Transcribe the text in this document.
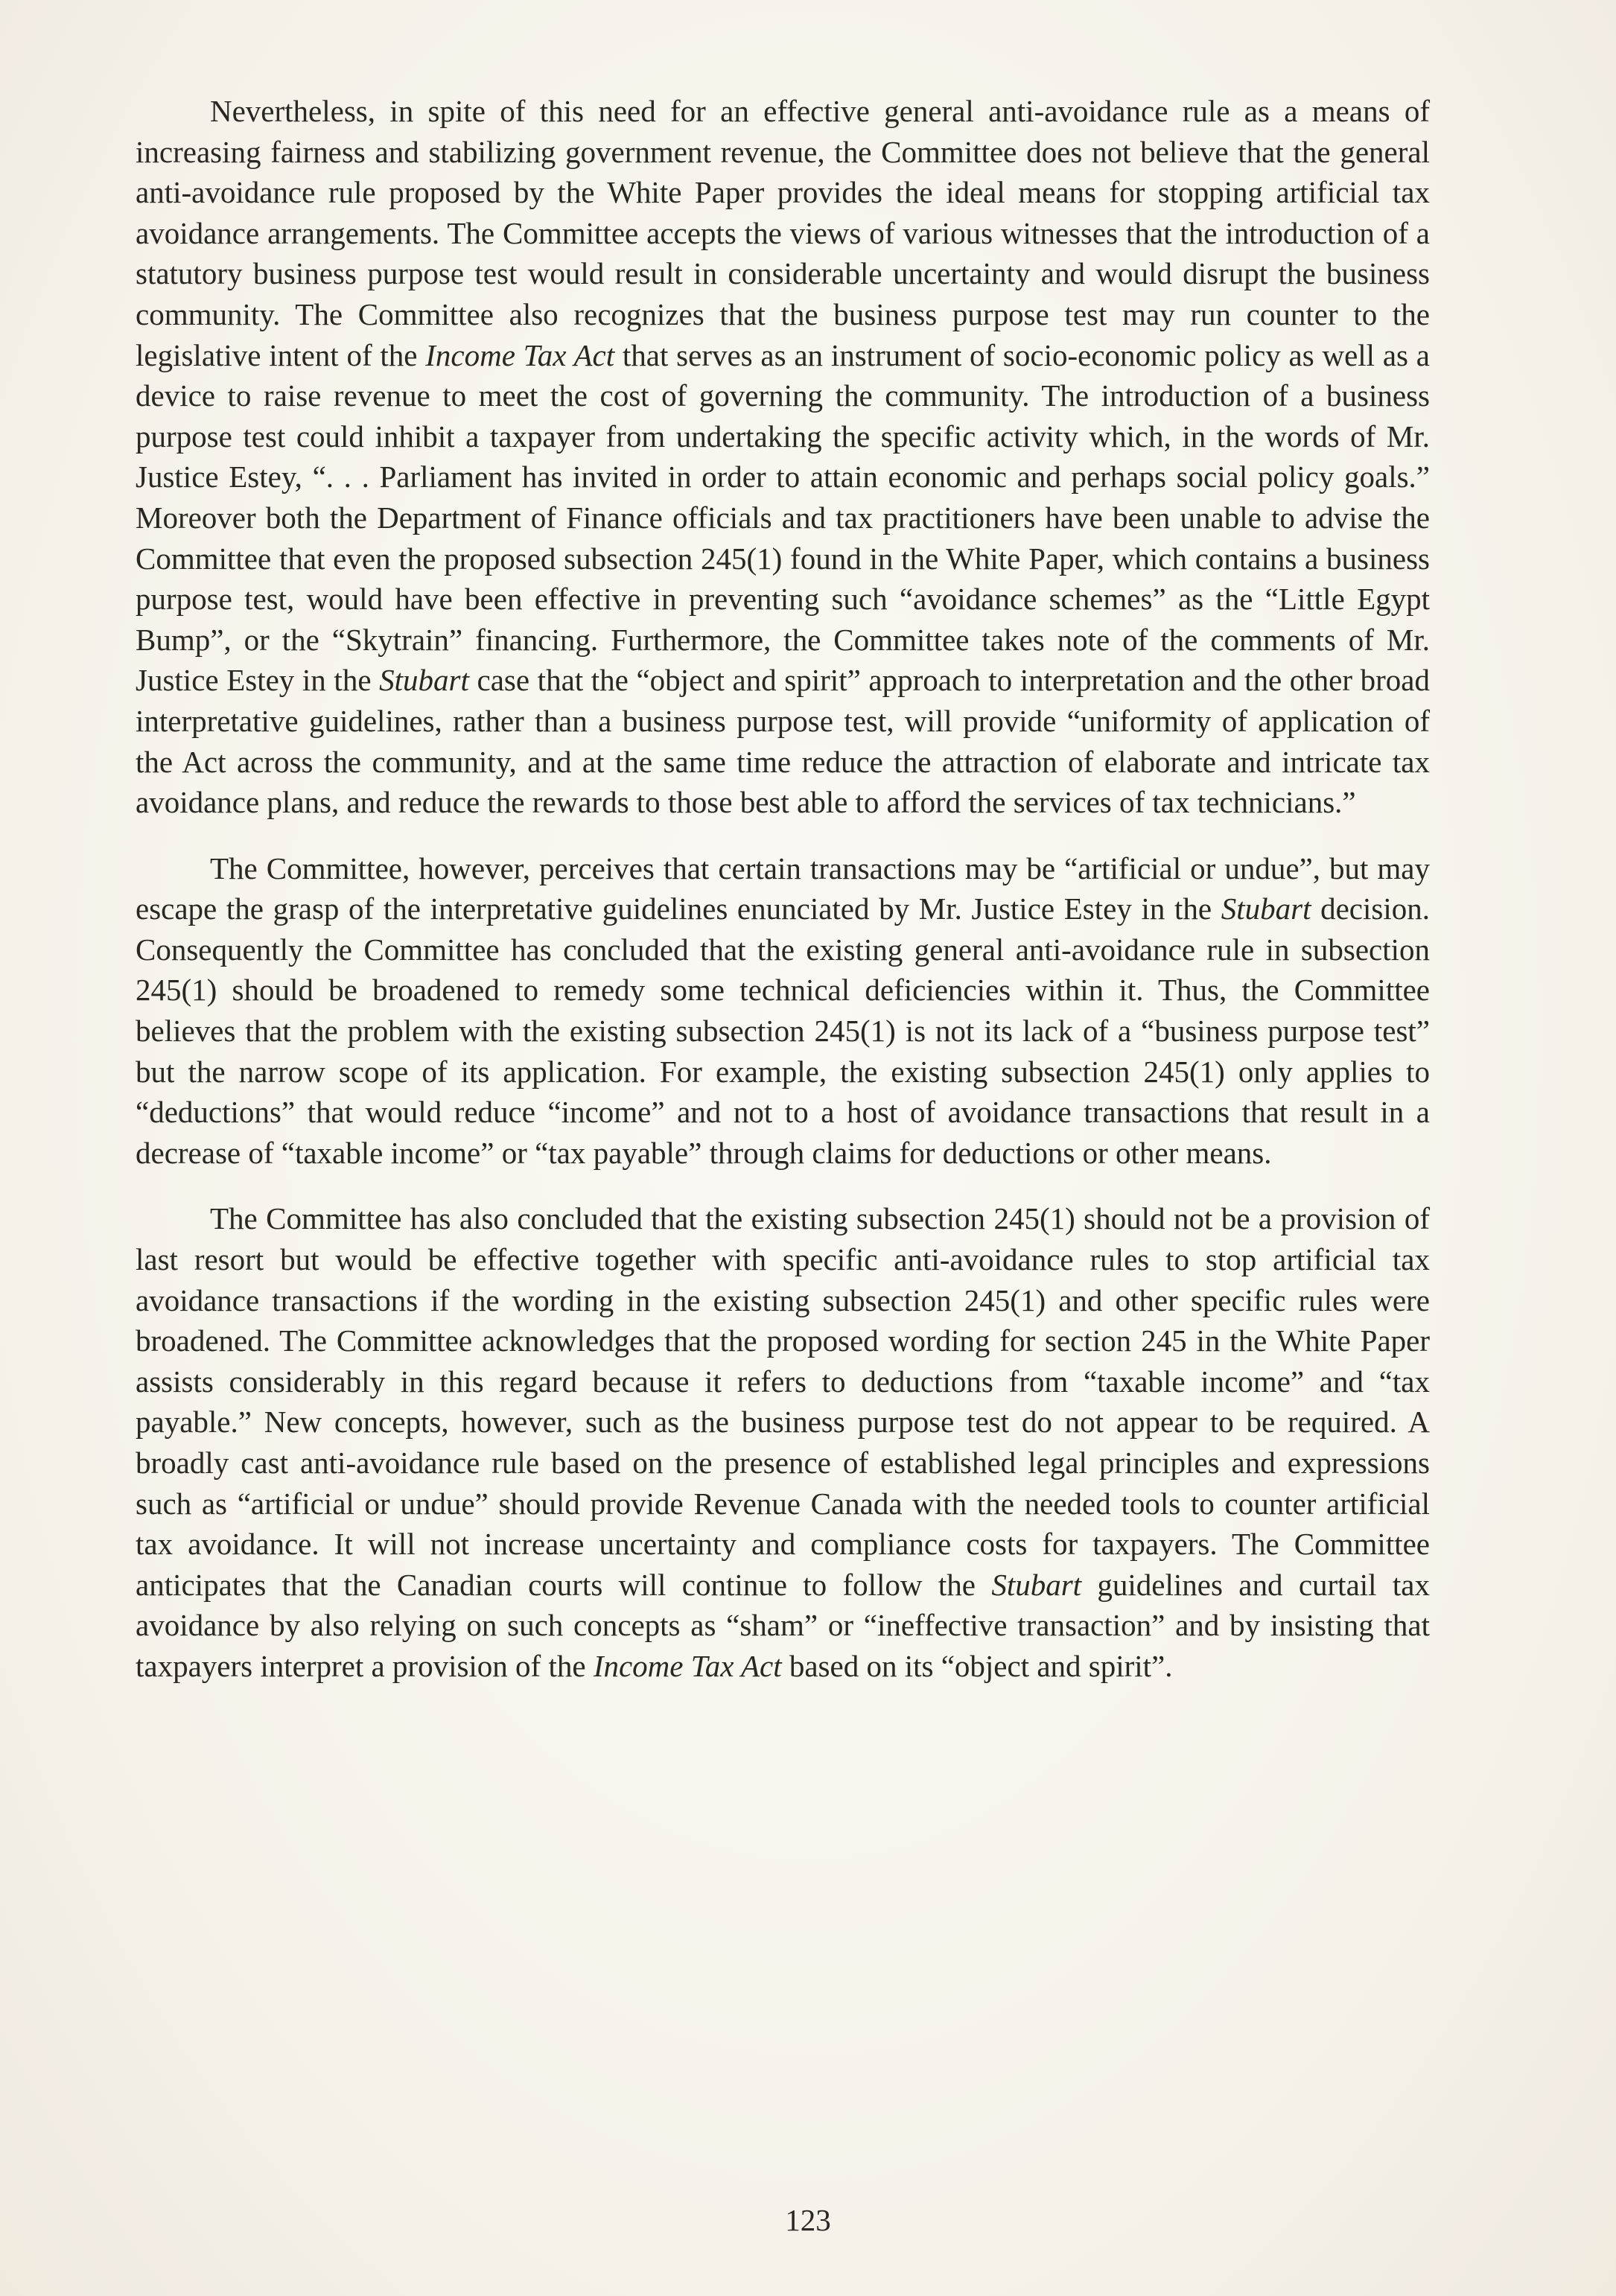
Nevertheless, in spite of this need for an effective general anti-avoidance rule as a means of increasing fairness and stabilizing government revenue, the Committee does not believe that the general anti-avoidance rule proposed by the White Paper provides the ideal means for stopping artificial tax avoidance arrangements. The Committee accepts the views of various witnesses that the introduction of a statutory business purpose test would result in considerable uncertainty and would disrupt the business community. The Committee also recognizes that the business purpose test may run counter to the legislative intent of the Income Tax Act that serves as an instrument of socio-economic policy as well as a device to raise revenue to meet the cost of governing the community. The introduction of a business purpose test could inhibit a taxpayer from undertaking the specific activity which, in the words of Mr. Justice Estey, “. . . Parliament has invited in order to attain economic and perhaps social policy goals.” Moreover both the Department of Finance officials and tax practitioners have been unable to advise the Committee that even the proposed subsection 245(1) found in the White Paper, which contains a business purpose test, would have been effective in preventing such “avoidance schemes” as the “Little Egypt Bump”, or the “Skytrain” financing. Furthermore, the Committee takes note of the comments of Mr. Justice Estey in the Stubart case that the “object and spirit” approach to interpretation and the other broad interpretative guidelines, rather than a business purpose test, will provide “uniformity of application of the Act across the community, and at the same time reduce the attraction of elaborate and intricate tax avoidance plans, and reduce the rewards to those best able to afford the services of tax technicians.”

The Committee, however, perceives that certain transactions may be “artificial or undue”, but may escape the grasp of the interpretative guidelines enunciated by Mr. Justice Estey in the Stubart decision. Consequently the Committee has concluded that the existing general anti-avoidance rule in subsection 245(1) should be broadened to remedy some technical deficiencies within it. Thus, the Committee believes that the problem with the existing subsection 245(1) is not its lack of a “business purpose test” but the narrow scope of its application. For example, the existing subsection 245(1) only applies to “deductions” that would reduce “income” and not to a host of avoidance transactions that result in a decrease of “taxable income” or “tax payable” through claims for deductions or other means.

The Committee has also concluded that the existing subsection 245(1) should not be a provision of last resort but would be effective together with specific anti-avoidance rules to stop artificial tax avoidance transactions if the wording in the existing subsection 245(1) and other specific rules were broadened. The Committee acknowledges that the proposed wording for section 245 in the White Paper assists considerably in this regard because it refers to deductions from “taxable income” and “tax payable.” New concepts, however, such as the business purpose test do not appear to be required. A broadly cast anti-avoidance rule based on the presence of established legal principles and expressions such as “artificial or undue” should provide Revenue Canada with the needed tools to counter artificial tax avoidance. It will not increase uncertainty and compliance costs for taxpayers. The Committee anticipates that the Canadian courts will continue to follow the Stubart guidelines and curtail tax avoidance by also relying on such concepts as “sham” or “ineffective transaction” and by insisting that taxpayers interpret a provision of the Income Tax Act based on its “object and spirit”.

123
